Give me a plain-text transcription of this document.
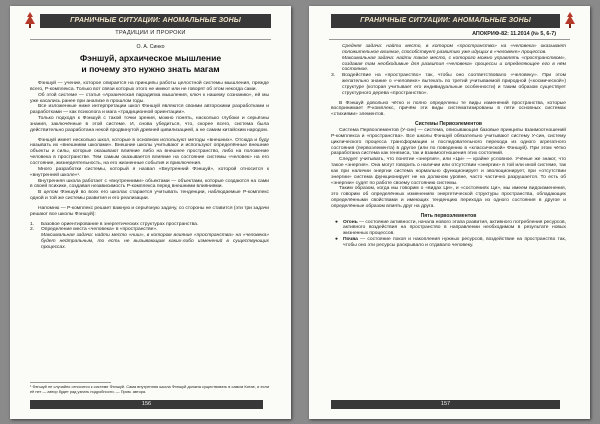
ГРАНИЧНЫЕ СИТУАЦИИ: АНОМАЛЬНЫЕ ЗОНЫ
ТРАДИЦИИ И ПРОРОКИ
О. А. Синко
Фэншуй, архаическое мышление
и почему это нужно знать магам

Фэншуй — учение, которое опирается на принципы работы целостной системы мышления, прежде всего, Р-комплекса. Только вот связи которых этого не имеют или не говорят об этом некогда сами.

Об этой системе — статья «Архаическая парадигма мышления, ключ к нашему сознанию», ей мы уже касались ранее при анализе в прошлом годы.

Все изложенные ниже интерпретации школ Фэншуй являются своими авторскими разработками и разработками — как психолога и мага «традиционной ориентации».

Только подходя к Фэншуй с такой точки зрения, можно понять, насколько глубоки и серьёзны знания, заключённые в этой системе. И, снова убедиться, что, скорее всего, система была действительно разработана некой продвинутой древней цивилизацией, а не самим китайским народом.

Фэншуй имеет несколько школ, которые в основном используют методы «внешних». Отсюда и буду называть их «внешними школами». Внешние школы учитывают и используют определённые внешние объекты и силы, которые оказывают влияние либо на внешнее пространство, либо на положение человека в пространстве. Тем самым оказывается влияние на состояние системы «человек» на его состояние, жизнедеятельность, на его жизненные события и приключения.

Много разработки системы, который я назвал «Внутренний Фэншуй», которой относится к «внутренней школе»¹.

Внутренняя школа работает с «внутренними» объектами — объектами, которые создаются на сами в своей психике, создавая независимость Р-комплекса перед внешними влияниями.

В целом Фэншуй во всех его школах старается учитывать тенденции, наблюдаемые Р-комплекс одной и той же системы развития и его реализации.

Напомню — Р-комплекс решает важную и серьёзную задачу, со стороны не ставится (эти три задачи решают все школы Фэншуй):

1. Базовое ориентирование в энергетических структурах пространства.
2. Определение места «человека» в «пространстве».

Максимальная задача: найти место «ниш», в котором влияние «пространства» на «человека» будет нейтральным, то есть не вызывающим каких-либо изменений в существующих процессах.

¹ Фэншуй не случайно относится к системе Фэншуй. Сама внутренняя школа Фэншуй должна существовать в самом Китае, и если её нет — автор будет рад узнать подробности. — Прим. автора.
156
ГРАНИЧНЫЕ СИТУАЦИИ: АНОМАЛЬНЫЕ ЗОНЫ
АПОКРИФ-82: 11.2014 (№ 5, 6-7)

Средняя задача: найти место, в котором «пространство» на «человека» оказывает положительное влияние, способствует развитию уже идущих в «человеке» процессов.

Максимальная задача: найти такое место, с которого можно управлять «пространством», создавая там необходимые для развития «человека» процессы и определяющее его в нём состояние.

3. Воздействие на «пространство» так, чтобы оно соответствовало «человеку». При этом желательно знание о «человеке» вытекать по третий учитываемой природной («космической») структуре (которая учитывает его индивидуальные особенности) и таким образом существует структурного дерева «пространство».

В Фэншуй довольно чётко и полно определены те виды изменений пространства, которые воспринимает Р-комплекс, причём эти виды систематизированы в пяти основных системах «стихиями» элементов.

Системы Первоэлементов

Система Первоэлементов (У-син) — система, описывающая базовые принципы взаимоотношений Р-комплекса и «пространства». Все школы Фэншуй обязательно учитывают систему У-син, систему циклического процесса трансформации и последовательного перехода из одного агрегатного состояния (первоэлемента) в другое (или по поведению в «классической» Фэншуй). При этом чётко разработана система как генезиса, так и взаимоотношения этих состояний.

Следует учитывать, что понятие «энергия», или «Ци» — крайне условное. Учёные же знают, что такое «энергия». Она могут говорить о наличии или отсутствии «энергии» в той или иной системе, так как при наличии энергии система нормально функционирует и эволюционирует, при «отсутствии энергии» система функционирует не на должном уровне, часто частично разрушается. То есть об «энергии» судят по работе своему состоянию системы.

Таким образом, когда мы говорим о «видах Ци», и «состояниях Ци», мы имеем видоизменения, это говорим об определённых изменениях энергетической структуры пространства, обладающих определёнными свойствами и имеющих тенденцию перехода из одного состояния в другое и определённые образом влиять друг на друга.

Пять первоэлементов

● Огонь — состояние активности, начала нового этапа развития, активного потребления ресурсов, активного воздействия на пространство в направлении необходимом в результате новых жизненных процессов.
● Почва — состояние покоя и накопления нужных ресурсов, воздействие на пространство так, чтобы оно эти ресурсы раскрывало и отдавало человеку.
157
